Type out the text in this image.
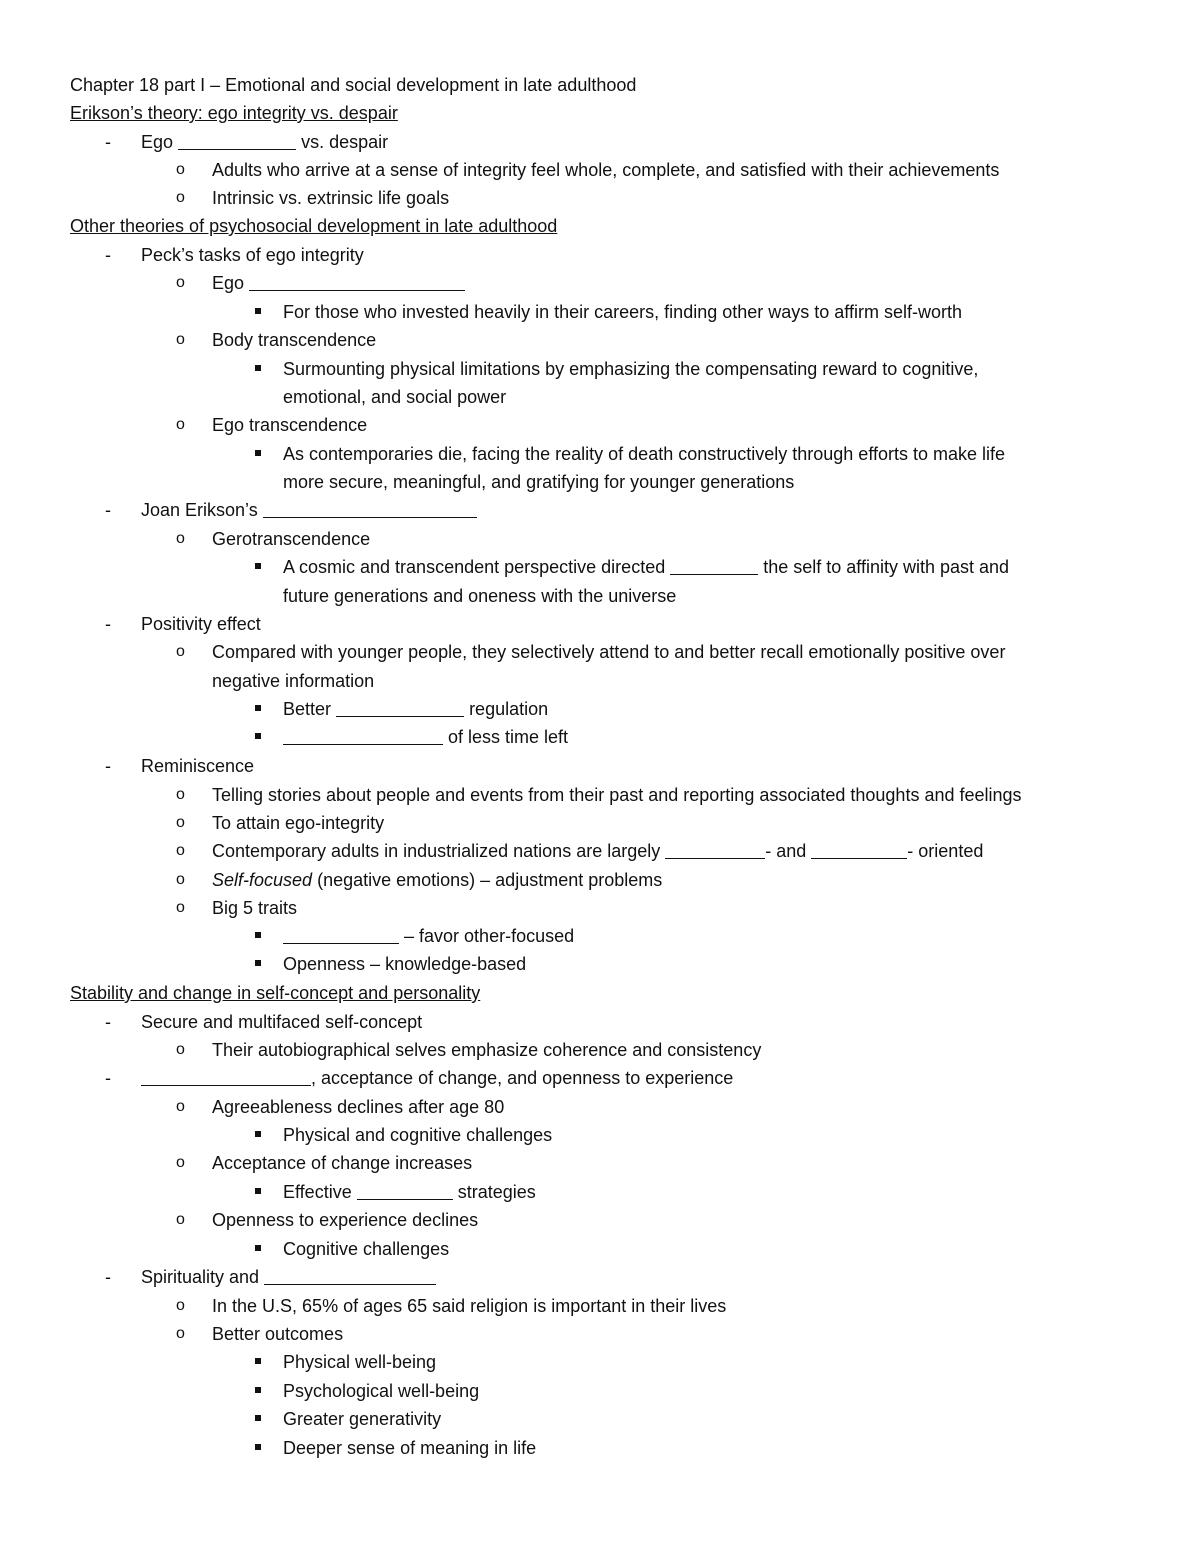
Chapter 18 part I – Emotional and social development in late adulthood
Erikson’s theory: ego integrity vs. despair
- Ego	vs. despair
o Adults who arrive at a sense of integrity feel whole, complete, and satisfied with their achievements
o Intrinsic vs. extrinsic life goals
Other theories of psychosocial development in late adulthood
- Peck’s tasks of ego integrity
o Ego
For those who invested heavily in their careers, finding other ways to affirm self-worth
o Body transcendence
Surmounting physical limitations by emphasizing the compensating reward to cognitive,
emotional, and social power
o Ego transcendence
As contemporaries die, facing the reality of death constructively through efforts to make life
more secure, meaningful, and gratifying for younger generations
- Joan Erikson’s
o Gerotranscendence
A cosmic and transcendent perspective directed	the self to affinity with past and
future generations and oneness with the universe
- Positivity effect
o Compared with younger people, they selectively attend to and better recall emotionally positive over
negative information
Better	regulation
of less time left
- Reminiscence
o Telling stories about people and events from their past and reporting associated thoughts and feelings
o To attain ego-integrity
o Contemporary adults in industrialized nations are largely	- and	- oriented
o Self-focused (negative emotions) – adjustment problems
o Big 5 traits
– favor other-focused
Openness – knowledge-based
Stability and change in self-concept and personality
- Secure and multifaced self-concept
o Their autobiographical selves emphasize coherence and consistency
-	, acceptance of change, and openness to experience
o Agreeableness declines after age 80
Physical and cognitive challenges
o Acceptance of change increases
Effective	strategies
o Openness to experience declines
Cognitive challenges
- Spirituality and
o In the U.S, 65% of ages 65 said religion is important in their lives
o Better outcomes
Physical well-being
Psychological well-being
Greater generativity
Deeper sense of meaning in life
